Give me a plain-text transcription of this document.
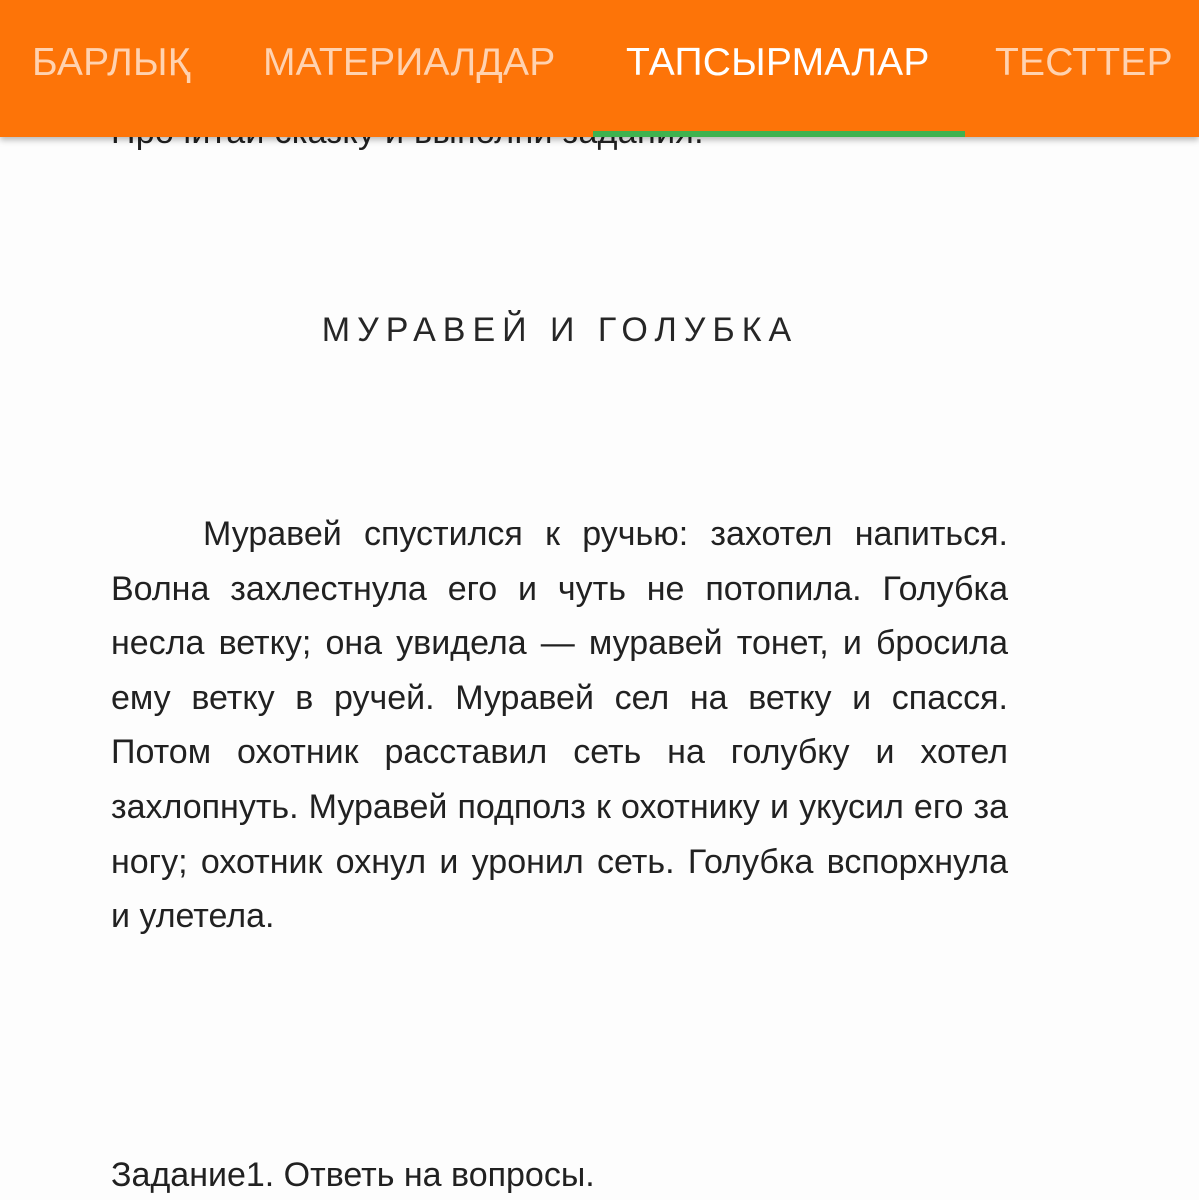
МУРАВЕЙ И ГОЛУБКА

Муравей спустился к ручью: захотел напиться. Волна захлестнула его и чуть не потопила. Голубка несла ветку; она увидела — муравей тонет, и бросила ему ветку в ручей. Муравей сел на ветку и спасся. Потом охотник расставил сеть на голубку и хотел захлопнуть. Муравей подполз к охотнику и укусил его за ногу; охотник охнул и уронил сеть. Голубка вспорхнула и улетела.

Задание1. Ответь на вопросы.
БАРЛЫҚ МАТЕРИАЛДАР ТАПСЫРМАЛАР ТЕСТТЕР
